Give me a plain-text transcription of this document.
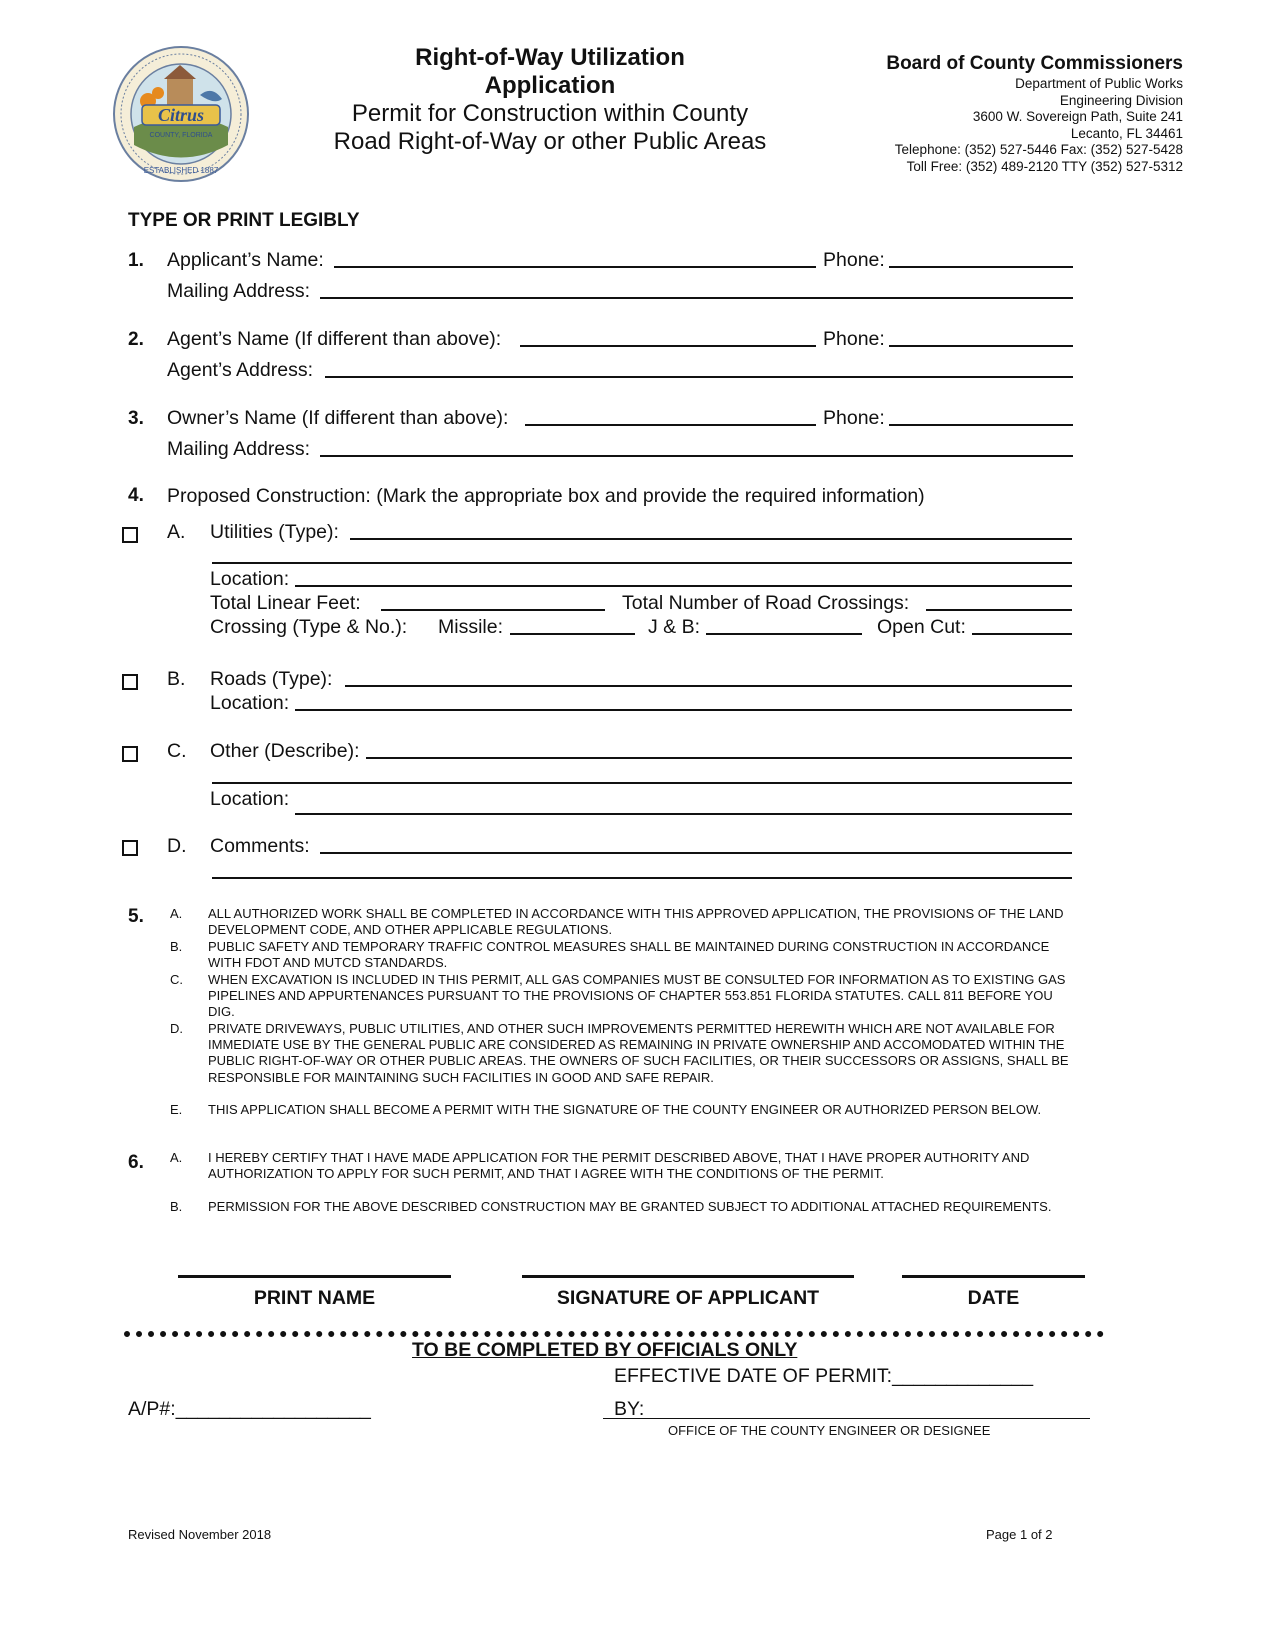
Citrus
COUNTY, FLORIDA
ESTABLISHED 1887
Right-of-Way Utilization
Application
Permit for Construction within County
Road Right-of-Way or other Public Areas
Board of County Commissioners
Department of Public Works
Engineering Division
3600 W. Sovereign Path, Suite 241
Lecanto, FL 34461
Telephone: (352) 527-5446 Fax: (352) 527-5428
Toll Free: (352) 489-2120 TTY (352) 527-5312
TYPE OR PRINT LEGIBLY
1. Applicant’s Name:	Phone:
Mailing Address:
2. Agent’s Name (If different than above):	Phone:
Agent’s Address:
3. Owner’s Name (If different than above):	Phone:
Mailing Address:
4. Proposed Construction: (Mark the appropriate box and provide the required information)
A. Utilities (Type):
Location:
Total Linear Feet:	Total Number of Road Crossings:
Crossing (Type & No.): Missile:	J & B:	Open Cut:
B. Roads (Type):
Location:
C. Other (Describe):
Location:
D. Comments:
5. A. ALL AUTHORIZED WORK SHALL BE COMPLETED IN ACCORDANCE WITH THIS APPROVED APPLICATION, THE PROVISIONS OF THE LAND DEVELOPMENT CODE, AND OTHER APPLICABLE REGULATIONS.
B. PUBLIC SAFETY AND TEMPORARY TRAFFIC CONTROL MEASURES SHALL BE MAINTAINED DURING CONSTRUCTION IN ACCORDANCE WITH FDOT AND MUTCD STANDARDS.
C. WHEN EXCAVATION IS INCLUDED IN THIS PERMIT, ALL GAS COMPANIES MUST BE CONSULTED FOR INFORMATION AS TO EXISTING GAS PIPELINES AND APPURTENANCES PURSUANT TO THE PROVISIONS OF CHAPTER 553.851 FLORIDA STATUTES. CALL 811 BEFORE YOU DIG.
D. PRIVATE DRIVEWAYS, PUBLIC UTILITIES, AND OTHER SUCH IMPROVEMENTS PERMITTED HEREWITH WHICH ARE NOT AVAILABLE FOR IMMEDIATE USE BY THE GENERAL PUBLIC ARE CONSIDERED AS REMAINING IN PRIVATE OWNERSHIP AND ACCOMODATED WITHIN THE PUBLIC RIGHT-OF-WAY OR OTHER PUBLIC AREAS. THE OWNERS OF SUCH FACILITIES, OR THEIR SUCCESSORS OR ASSIGNS, SHALL BE RESPONSIBLE FOR MAINTAINING SUCH FACILITIES IN GOOD AND SAFE REPAIR.
E. THIS APPLICATION SHALL BECOME A PERMIT WITH THE SIGNATURE OF THE COUNTY ENGINEER OR AUTHORIZED PERSON BELOW.
6. A. I HEREBY CERTIFY THAT I HAVE MADE APPLICATION FOR THE PERMIT DESCRIBED ABOVE, THAT I HAVE PROPER AUTHORITY AND AUTHORIZATION TO APPLY FOR SUCH PERMIT, AND THAT I AGREE WITH THE CONDITIONS OF THE PERMIT.
B. PERMISSION FOR THE ABOVE DESCRIBED CONSTRUCTION MAY BE GRANTED SUBJECT TO ADDITIONAL ATTACHED REQUIREMENTS.
PRINT NAME	SIGNATURE OF APPLICANT	DATE
TO BE COMPLETED BY OFFICIALS ONLY
EFFECTIVE DATE OF PERMIT:_____________
A/P#:__________________	BY:
OFFICE OF THE COUNTY ENGINEER OR DESIGNEE
Revised November 2018	Page 1 of 2
